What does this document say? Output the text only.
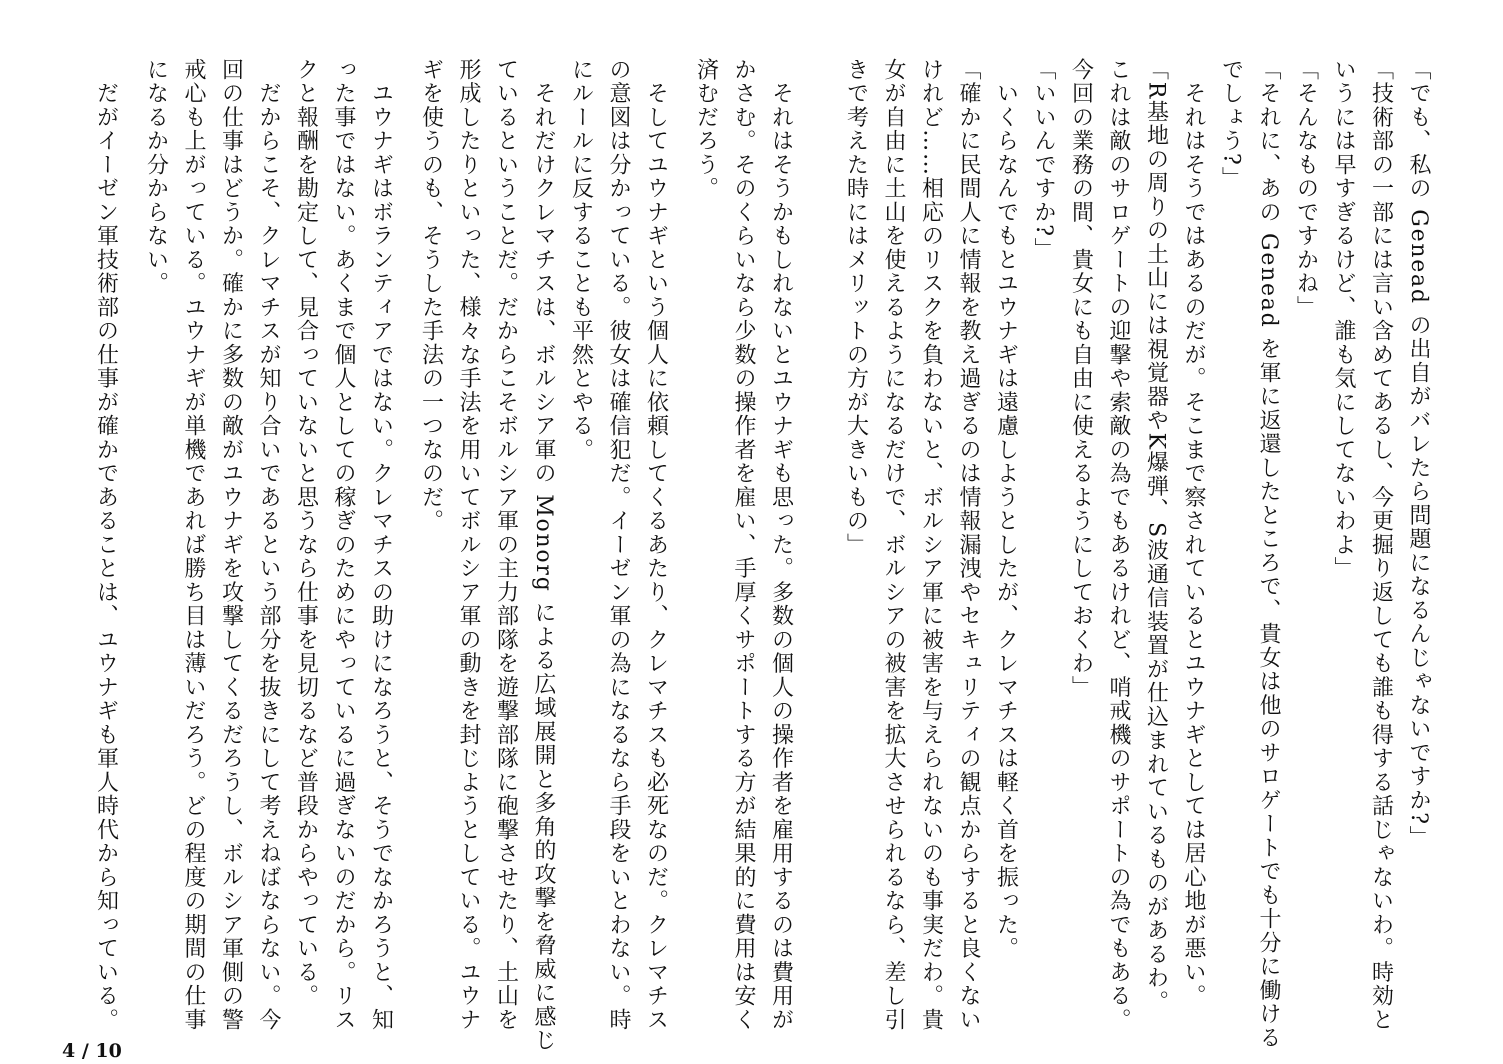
「でも、私の Genead の出自がバレたら問題になるんじゃないですか?」
「技術部の一部には言い含めてあるし、今更掘り返しても誰も得する話じゃないわ。時効と
いうには早すぎるけど、誰も気にしてないわよ」
「そんなものですかね」
「それに、あの Genead を軍に返還したところで、貴女は他のサロゲートでも十分に働ける
でしょう?」
　それはそうではあるのだが。そこまで察されているとユウナギとしては居心地が悪い。
「R基地の周りの土山には視覚器やK爆弾、S波通信装置が仕込まれているものがあるわ。
これは敵のサロゲートの迎撃や索敵の為でもあるけれど、哨戒機のサポートの為でもある。
今回の業務の間、貴女にも自由に使えるようにしておくわ」
「いいんですか?」
　いくらなんでもとユウナギは遠慮しようとしたが、クレマチスは軽く首を振った。
「確かに民間人に情報を教え過ぎるのは情報漏洩やセキュリティの観点からすると良くない
けれど……相応のリスクを負わないと、ボルシア軍に被害を与えられないのも事実だわ。貴
女が自由に土山を使えるようになるだけで、ボルシアの被害を拡大させられるなら、差し引
きで考えた時にはメリットの方が大きいもの」
　それはそうかもしれないとユウナギも思った。多数の個人の操作者を雇用するのは費用が
かさむ。そのくらいなら少数の操作者を雇い、手厚くサポートする方が結果的に費用は安く
済むだろう。
　そしてユウナギという個人に依頼してくるあたり、クレマチスも必死なのだ。クレマチス
の意図は分かっている。彼女は確信犯だ。イーゼン軍の為になるなら手段をいとわない。時
にルールに反することも平然とやる。
　それだけクレマチスは、ボルシア軍の Monorg による広域展開と多角的攻撃を脅威に感じ
ているということだ。だからこそボルシア軍の主力部隊を遊撃部隊に砲撃させたり、土山を
形成したりといった、様々な手法を用いてボルシア軍の動きを封じようとしている。ユウナ
ギを使うのも、そうした手法の一つなのだ。
　ユウナギはボランティアではない。クレマチスの助けになろうと、そうでなかろうと、知
った事ではない。あくまで個人としての稼ぎのためにやっているに過ぎないのだから。リス
クと報酬を勘定して、見合っていないと思うなら仕事を見切るなど普段からやっている。
　だからこそ、クレマチスが知り合いであるという部分を抜きにして考えねばならない。今
回の仕事はどうか。確かに多数の敵がユウナギを攻撃してくるだろうし、ボルシア軍側の警
戒心も上がっている。ユウナギが単機であれば勝ち目は薄いだろう。どの程度の期間の仕事
になるか分からない。
　だがイーゼン軍技術部の仕事が確かであることは、ユウナギも軍人時代から知っている。
4 / 10
